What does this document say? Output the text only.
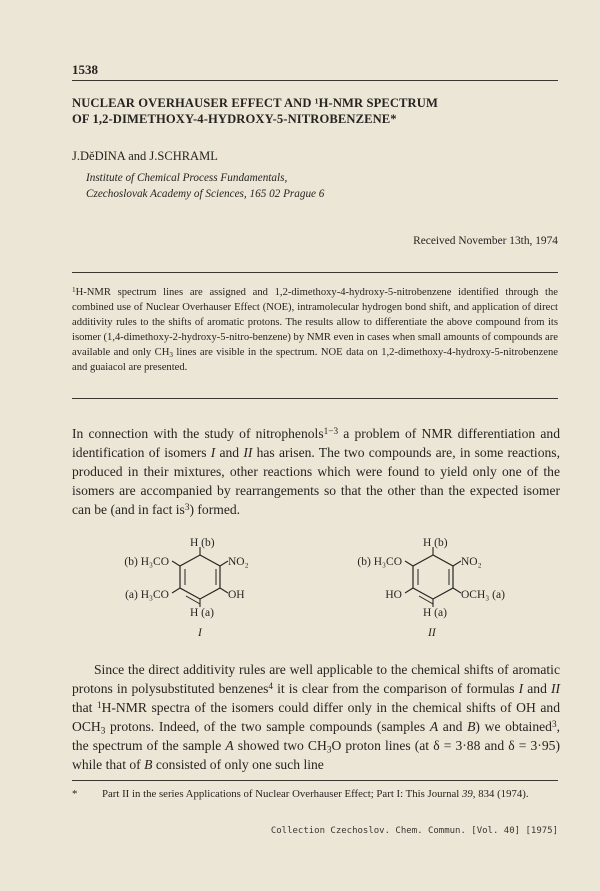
1538
NUCLEAR OVERHAUSER EFFECT AND ¹H-NMR SPECTRUM
OF 1,2-DIMETHOXY-4-HYDROXY-5-NITROBENZENE*
J.DěDINA and J.SCHRAML
Institute of Chemical Process Fundamentals,
Czechoslovak Academy of Sciences, 165 02 Prague 6
Received November 13th, 1974
$^1$H-NMR spectrum lines are assigned and 1,2-dimethoxy-4-hydroxy-5-nitrobenzene identified through the combined use of Nuclear Overhauser Effect (NOE), intramolecular hydrogen bond shift, and application of direct additivity rules to the shifts of aromatic protons. The results allow to differentiate the above compound from its isomer (1,4-dimethoxy-2-hydroxy-5-nitro-benzene) by NMR even in cases when small amounts of compounds are available and only $CH_3$ lines are visible in the spectrum. NOE data on 1,2-dimethoxy-4-hydroxy-5-nitrobenzene and guaiacol are presented.
In connection with the study of nitrophenols$^{1-3}$ a problem of NMR differentiation and identification of isomers I and II has arisen. The two compounds are, in some reactions, produced in their mixtures, other reactions which were found to yield only one of the isomers are accompanied by rearrangements so that the other than the expected isomer can be (and in fact $is^3$) formed.
H (b)
(b) H₃CO	NO₂
(a) H₃CO	OH
H (a)
I
H (b)
(b) H₃CO	NO₂
HO	OCH₃ (a)
H (a)
II
Since the direct additivity rules are well applicable to the chemical shifts of aromatic protons in polysubstituted benzenes$^4$ it is clear from the comparison of formulas I and II that $^1$H-NMR spectra of the isomers could differ only in the chemical shifts of OH and $OCH_3$ protons. Indeed, of the two sample compounds (samples A and B) we obtained$^3$, the spectrum of the sample A showed two $CH_3O$ proton lines (at δ = 3·88 and δ = 3·95) while that of B consisted of only one such line
*	Part II in the series Applications of Nuclear Overhauser Effect; Part I: This Journal 39, 834 (1974).
Collection Czechoslov. Chem. Commun. [Vol. 40] [1975]
